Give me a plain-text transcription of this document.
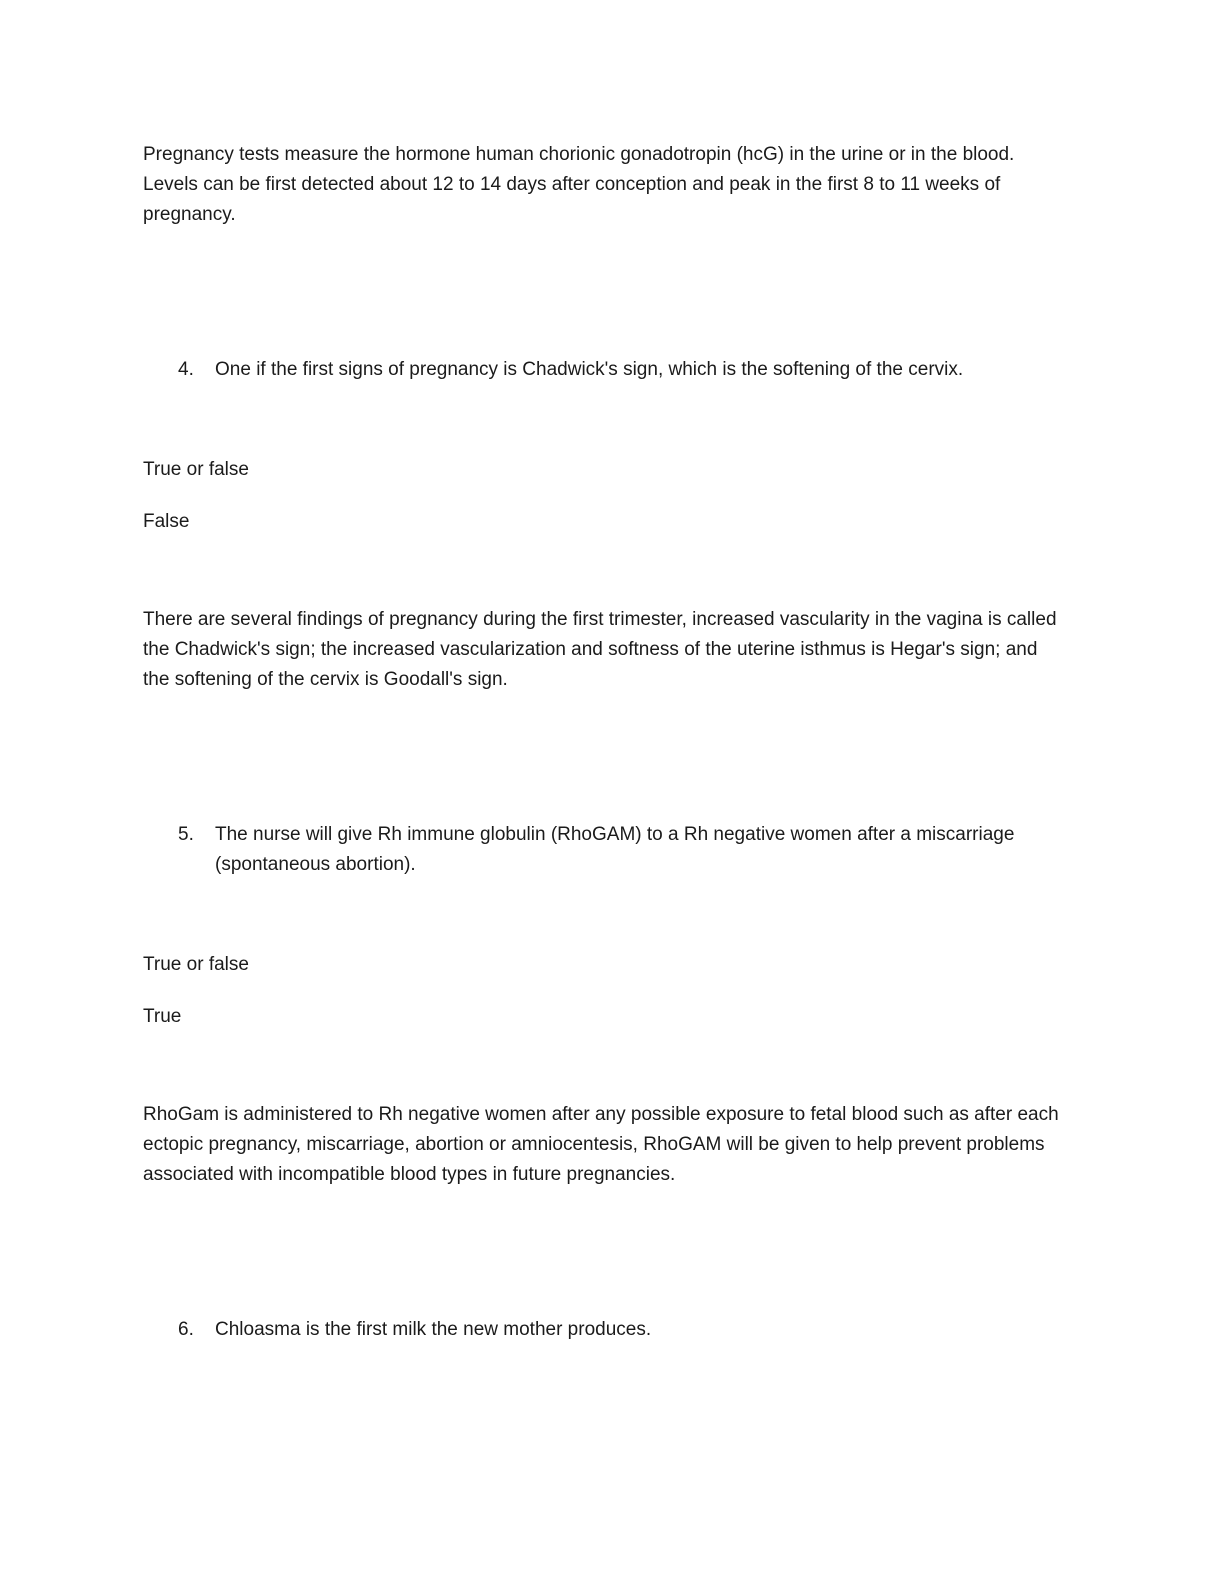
Pregnancy tests measure the hormone human chorionic gonadotropin (hcG) in the urine or in the blood. Levels can be first detected about 12 to 14 days after conception and peak in the first 8 to 11 weeks of pregnancy.

4.	One if the first signs of pregnancy is Chadwick's sign, which is the softening of the cervix.

True or false

False

There are several findings of pregnancy during the first trimester, increased vascularity in the vagina is called the Chadwick's sign; the increased vascularization and softness of the uterine isthmus is Hegar's sign; and the softening of the cervix is Goodall's sign.

5.	The nurse will give Rh immune globulin (RhoGAM) to a Rh negative women after a miscarriage (spontaneous abortion).

True or false

True

RhoGam is administered to Rh negative women after any possible exposure to fetal blood such as after each ectopic pregnancy, miscarriage, abortion or amniocentesis, RhoGAM will be given to help prevent problems associated with incompatible blood types in future pregnancies.

6.	Chloasma is the first milk the new mother produces.
